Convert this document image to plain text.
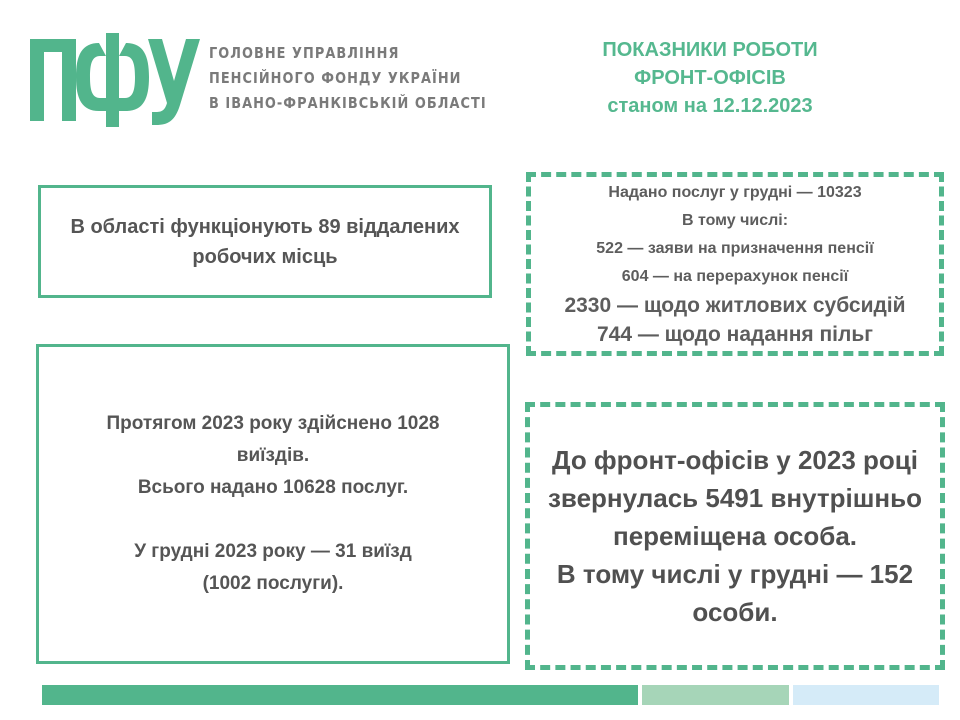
ГОЛОВНЕ УПРАВЛІННЯ
ПЕНСІЙНОГО ФОНДУ УКРАЇНИ
В ІВАНО-ФРАНКІВСЬКІЙ ОБЛАСТІ
ПОКАЗНИКИ РОБОТИ
ФРОНТ-ОФІСІВ
станом на 12.12.2023
В області функціонують 89 віддалених робочих місць
Протягом 2023 року здійснено 1028 виїздів.
Всього надано 10628 послуг.
У грудні 2023 року — 31 виїзд
(1002 послуги).
Надано послуг у грудні — 10323
В тому числі:
522 — заяви на призначення пенсії
604 — на перерахунок пенсії
2330 — щодо житлових субсидій
744 — щодо надання пільг
До фронт-офісів у 2023 році звернулась 5491 внутрішньо переміщена особа.
В тому числі у грудні — 152 особи.
